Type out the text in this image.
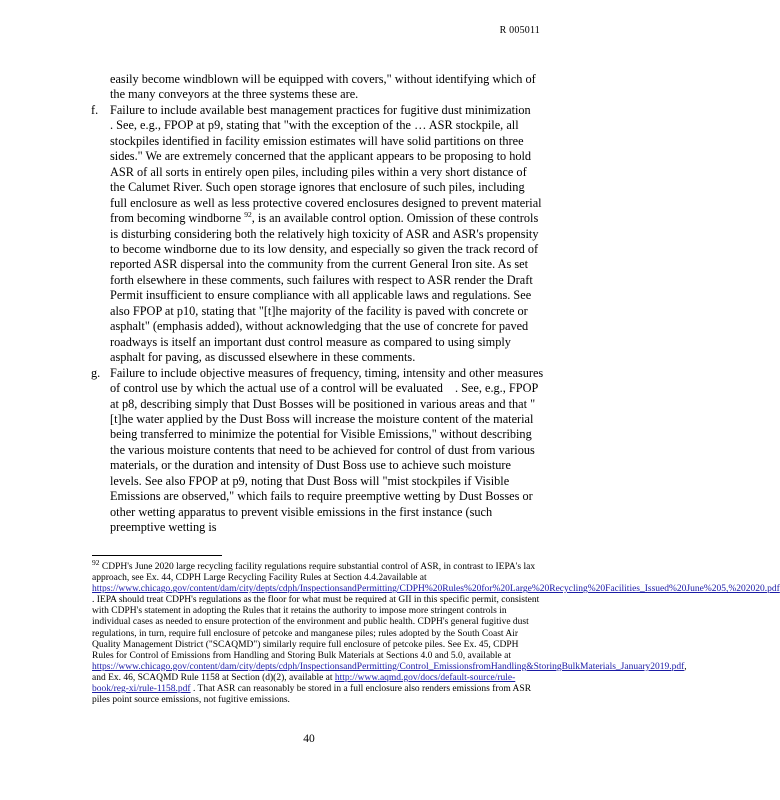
R 005011

easily become windblown will be equipped with covers," without identifying which of the many conveyors at the three systems these are.

f. Failure to include available best management practices for fugitive dust minimization. See, e.g., FPOP at p9, stating that "with the exception of the … ASR stockpile, all stockpiles identified in facility emission estimates will have solid partitions on three sides." We are extremely concerned that the applicant appears to be proposing to hold ASR of all sorts in entirely open piles, including piles within a very short distance of the Calumet River. Such open storage ignores that enclosure of such piles, including full enclosure as well as less protective covered enclosures designed to prevent material from becoming windborne $^{92}$, is an available control option. Omission of these controls is disturbing considering both the relatively high toxicity of ASR and ASR's propensity to become windborne due to its low density, and especially so given the track record of reported ASR dispersal into the community from the current General Iron site. As set forth elsewhere in these comments, such failures with respect to ASR render the Draft Permit insufficient to ensure compliance with all applicable laws and regulations. See also FPOP at p10, stating that "[t]he majority of the facility is paved with concrete or asphalt" (emphasis added), without acknowledging that the use of concrete for paved roadways is itself an important dust control measure as compared to using simply asphalt for paving, as discussed elsewhere in these comments.
g. Failure to include objective measures of frequency, timing, intensity and other measures of control use by which the actual use of a control will be evaluated . See, e.g., FPOP at p8, describing simply that Dust Bosses will be positioned in various areas and that " [t]he water applied by the Dust Boss will increase the moisture content of the material being transferred to minimize the potential for Visible Emissions," without describing the various moisture contents that need to be achieved for control of dust from various materials, or the duration and intensity of Dust Boss use to achieve such moisture levels. See also FPOP at p9, noting that Dust Boss will "mist stockpiles if Visible Emissions are observed," which fails to require preemptive wetting by Dust Bosses or other wetting apparatus to prevent visible emissions in the first instance (such preemptive wetting is
$^{92}$ CDPH's June 2020 large recycling facility regulations require substantial control of ASR, in contrast to IEPA's lax approach, see Ex. 44, CDPH Large Recycling Facility Rules at Section 4.4.2available at https://www.chicago.gov/content/dam/city/depts/cdph/InspectionsandPermitting/CDPH%20Rules%20for%20Large%20Recycling%20Facilities_Issued%20June%205,%202020.pdf . IEPA should treat CDPH's regulations as the floor for what must be required at GII in this specific permit, consistent with CDPH's statement in adopting the Rules that it retains the authority to impose more stringent controls in individual cases as needed to ensure protection of the environment and public health. CDPH's general fugitive dust regulations, in turn, require full enclosure of petcoke and manganese piles; rules adopted by the South Coast Air Quality Management District ("SCAQMD") similarly require full enclosure of petcoke piles. See Ex. 45, CDPH Rules for Control of Emissions from Handling and Storing Bulk Materials at Sections 4.0 and 5.0, available at https://www.chicago.gov/content/dam/city/depts/cdph/InspectionsandPermitting/Control_EmissionsfromHandling&StoringBulkMaterials_January2019.pdf, and Ex. 46, SCAQMD Rule 1158 at Section (d)(2), available at http://www.aqmd.gov/docs/default-source/rule-book/reg-xi/rule-1158.pdf . That ASR can reasonably be stored in a full enclosure also renders emissions from ASR piles point source emissions, not fugitive emissions.
40
